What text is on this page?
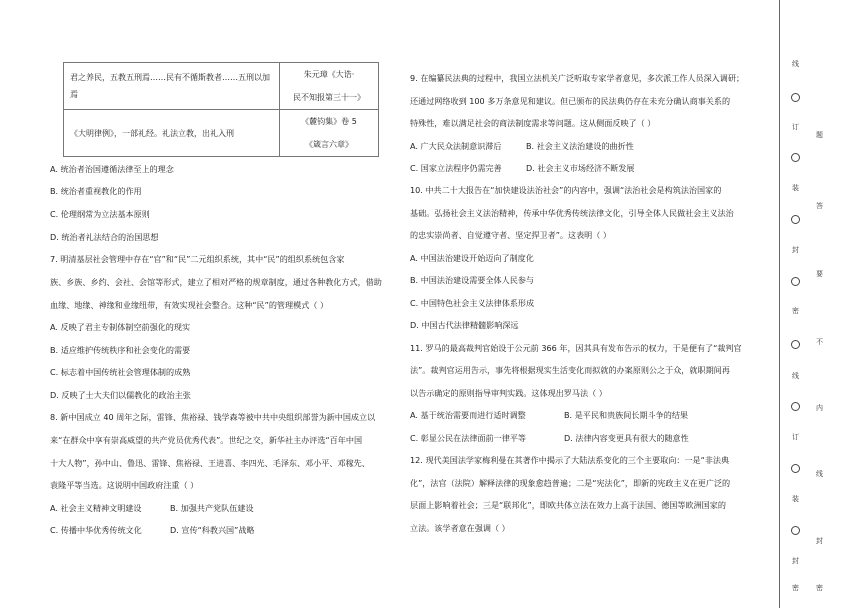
君之养民，五教五刑焉……民有不循斯教者……五刑以加焉	朱元璋《大诰·
民不知报第三十一》

《大明律例》，一部礼经。礼法立教，出礼入刑	《麓钧集》卷 5
《箴言六章》
A. 统治者治国遵循法律至上的理念
B. 统治者重视教化的作用
C. 伦理纲常为立法基本原则
D. 统治者礼法结合的治国思想
7. 明清基层社会管理中存在“官”和“民”二元组织系统，其中“民”的组织系统包含家
族、乡族、乡约、会社、会馆等形式，建立了相对严格的规章制度，通过各种教化方式，借助
血缘、地缘、神缘和业缘纽带，有效实现社会整合。这种“民”的管理模式（ ）
A. 反映了君主专制体制空前强化的现实
B. 适应维护传统秩序和社会变化的需要
C. 标志着中国传统社会管理体制的成熟
D. 反映了士大夫们以儒教化的政治主张
8. 新中国成立 40 周年之际，雷锋、焦裕禄、钱学森等被中共中央组织部誉为新中国成立以
来“在群众中享有崇高威望的共产党员优秀代表”。世纪之交，新华社主办评选“百年中国
十大人物”，孙中山、鲁迅、雷锋、焦裕禄、王进喜、李四光、毛泽东、邓小平、邓稼先、
袁隆平等当选。这说明中国政府注重（ ）
A. 社会主义精神文明建设	B. 加强共产党队伍建设
C. 传播中华优秀传统文化	D. 宣传“科教兴国”战略
9. 在编纂民法典的过程中，我国立法机关广泛听取专家学者意见，多次派工作人员深入调研；
还通过网络收到 100 多万条意见和建议。但已颁布的民法典仍存在未充分确认商事关系的
特殊性，难以满足社会的商法制度需求等问题。这从侧面反映了（ ）
A. 广大民众法制意识滞后	B. 社会主义法治建设的曲折性
C. 国家立法程序仍需完善	D. 社会主义市场经济不断发展
10. 中共二十大报告在“加快建设法治社会”的内容中，强调“法治社会是构筑法治国家的
基础。弘扬社会主义法治精神，传承中华优秀传统法律文化，引导全体人民做社会主义法治
的忠实崇尚者、自觉遵守者、坚定捍卫者”。这表明（ ）
A. 中国法治建设开始迈向了制度化
B. 中国法治建设需要全体人民参与
C. 中国特色社会主义法律体系形成
D. 中国古代法律精髓影响深远
11. 罗马的最高裁判官始设于公元前 366 年，因其具有发布告示的权力，于是便有了“裁判官
法”。裁判官运用告示，事先将根据现实生活变化而拟就的办案原则公之于众，就职期间再
以告示确定的原则指导审判实践。这体现出罗马法（ ）
A. 基于统治需要而进行适时调整	B. 是平民和贵族间长期斗争的结果
C. 彰显公民在法律面前一律平等	D. 法律内容变更具有很大的随意性
12. 现代美国法学家梅利曼在其著作中揭示了大陆法系变化的三个主要取向：一是“非法典
化”，法官（法院）解释法律的现象愈趋普遍；二是“宪法化”，即新的宪政主义在更广泛的
层面上影响着社会；三是“联邦化”，即欧共体立法在效力上高于法国、德国等欧洲国家的
立法。该学者意在强调（ ）
线
订
装
封
密
线
订
装
封
密
题
答
要
不
内
线
封
密
